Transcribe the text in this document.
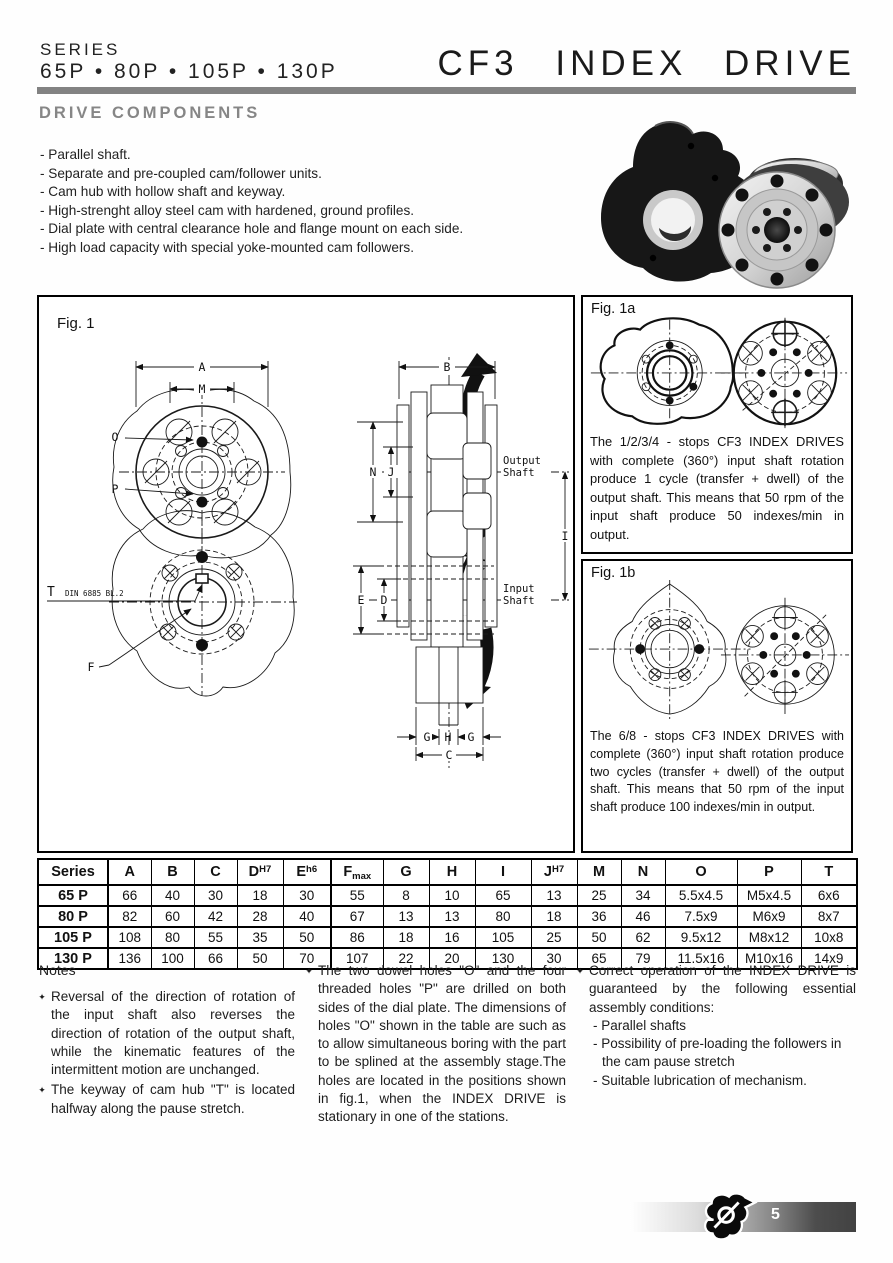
SERIES
65P • 80P • 105P • 130P	CF3 INDEX DRIVE
DRIVE COMPONENTS
- Parallel shaft.
- Separate and pre-coupled cam/follower units.
- Cam hub with hollow shaft and keyway.
- High-strenght alloy steel cam with hardened, ground profiles.
- Dial plate with central clearance hole and flange mount on each side.
- High load capacity with special yoke-mounted cam followers.
Fig. 1
A
M
O
P
T DIN 6885 BL.2
F
B
N J
I
Output
Shaft
Input
Shaft
E D
G H G
C
Fig. 1a
The 1/2/3/4 - stops CF3 INDEX DRIVES with complete (360°) input shaft rotation produce 1 cycle (transfer + dwell) of the output shaft. This means that 50 rpm of the input shaft produce 50 indexes/min in output.
Fig. 1b
The 6/8 - stops CF3 INDEX DRIVES with complete (360°) input shaft rotation produce two cycles (transfer + dwell) of the output shaft. This means that 50 rpm of the input shaft produce 100 indexes/min in output.
Series	A	B	C	$D^{H7}$	$E^{h6}$	$F_{max}$	G	H	I	$J^{H7}$	M	N	O	P	T
65 P	66	40	30	18	30	55	8	10	65	13	25	34	5.5x4.5	M5x4.5	6x6
80 P	82	60	42	28	40	67	13	13	80	18	36	46	7.5x9	M6x9	8x7
105 P	108	80	55	35	50	86	18	16	105	25	50	62	9.5x12	M8x12	10x8
130 P	136	100	66	50	70	107	22	20	130	30	65	79	11.5x16	M10x16	14x9
Notes
✦ Reversal of the direction of rotation of the input shaft also reverses the direction of rotation of the output shaft, while the kinematic features of the intermittent motion are unchanged.
✦ The keyway of cam hub "T" is located halfway along the pause stretch.
✦ The two dowel holes "O" and the four threaded holes "P" are drilled on both sides of the dial plate. The dimensions of holes "O" shown in the table are such as to allow simultaneous boring with the part to be splined at the assembly stage.The holes are located in the positions shown in fig.1, when the INDEX DRIVE is stationary in one of the stations.
✦ Correct operation of the INDEX DRIVE is guaranteed by the following essential assembly conditions:
- Parallel shafts
- Possibility of pre-loading the followers in the cam pause stretch
- Suitable lubrication of mechanism.
5
